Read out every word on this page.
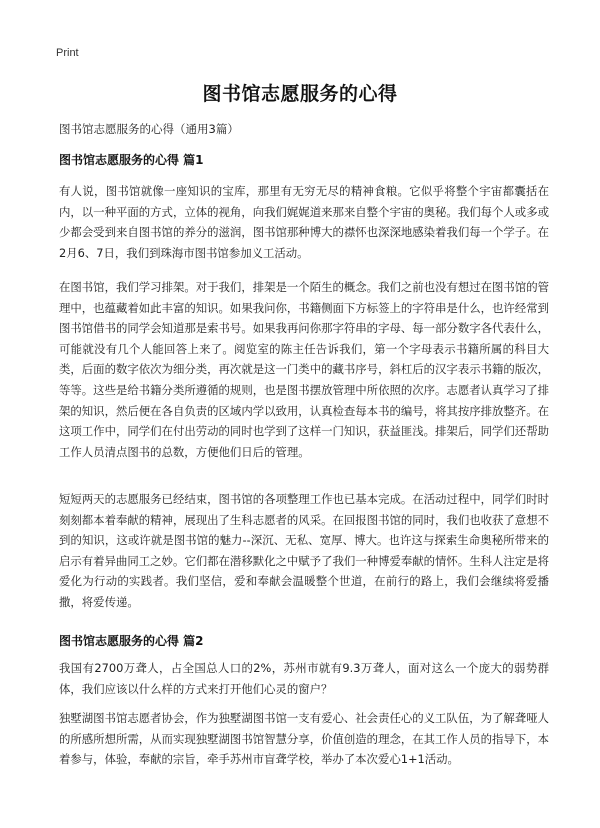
Print
图书馆志愿服务的心得
图书馆志愿服务的心得（通用3篇）
图书馆志愿服务的心得 篇1
有人说，图书馆就像一座知识的宝库，那里有无穷无尽的精神食粮。它似乎将整个宇宙都囊括在内，以一种平面的方式，立体的视角，向我们娓娓道来那来自整个宇宙的奥秘。我们每个人或多或少都会受到来自图书馆的养分的滋润，图书馆那种博大的襟怀也深深地感染着我们每一个学子。在2月6、7日，我们到珠海市图书馆参加义工活动。
在图书馆，我们学习排架。对于我们，排架是一个陌生的概念。我们之前也没有想过在图书馆的管理中，也蕴藏着如此丰富的知识。如果我问你，书籍侧面下方标签上的字符串是什么，也许经常到图书馆借书的同学会知道那是索书号。如果我再问你那字符串的字母、每一部分数字各代表什么，可能就没有几个人能回答上来了。阅览室的陈主任告诉我们，第一个字母表示书籍所属的科目大类，后面的数字依次为细分类，再次就是这一门类中的藏书序号，斜杠后的汉字表示书籍的版次，等等。这些是给书籍分类所遵循的规则，也是图书摆放管理中所依照的次序。志愿者认真学习了排架的知识，然后便在各自负责的区域内学以致用，认真检查每本书的编号，将其按序排放整齐。在这项工作中，同学们在付出劳动的同时也学到了这样一门知识，获益匪浅。排架后，同学们还帮助工作人员清点图书的总数，方便他们日后的管理。
短短两天的志愿服务已经结束，图书馆的各项整理工作也已基本完成。在活动过程中，同学们时时刻刻都本着奉献的精神，展现出了生科志愿者的风采。在回报图书馆的同时，我们也收获了意想不到的知识，这或许就是图书馆的魅力--深沉、无私、宽厚、博大。也许这与探索生命奥秘所带来的启示有着异曲同工之妙。它们都在潜移默化之中赋予了我们一种博爱奉献的情怀。生科人注定是将爱化为行动的实践者。我们坚信，爱和奉献会温暖整个世道，在前行的路上，我们会继续将爱播撒，将爱传递。
图书馆志愿服务的心得 篇2
我国有2700万聋人，占全国总人口的2%，苏州市就有9.3万聋人，面对这么一个庞大的弱势群体，我们应该以什么样的方式来打开他们心灵的窗户？
独墅湖图书馆志愿者协会，作为独墅湖图书馆一支有爱心、社会责任心的义工队伍，为了解聋哑人的所感所想所需，从而实现独墅湖图书馆智慧分享，价值创造的理念，在其工作人员的指导下，本着参与，体验，奉献的宗旨，牵手苏州市盲聋学校，举办了本次爱心1+1活动。
